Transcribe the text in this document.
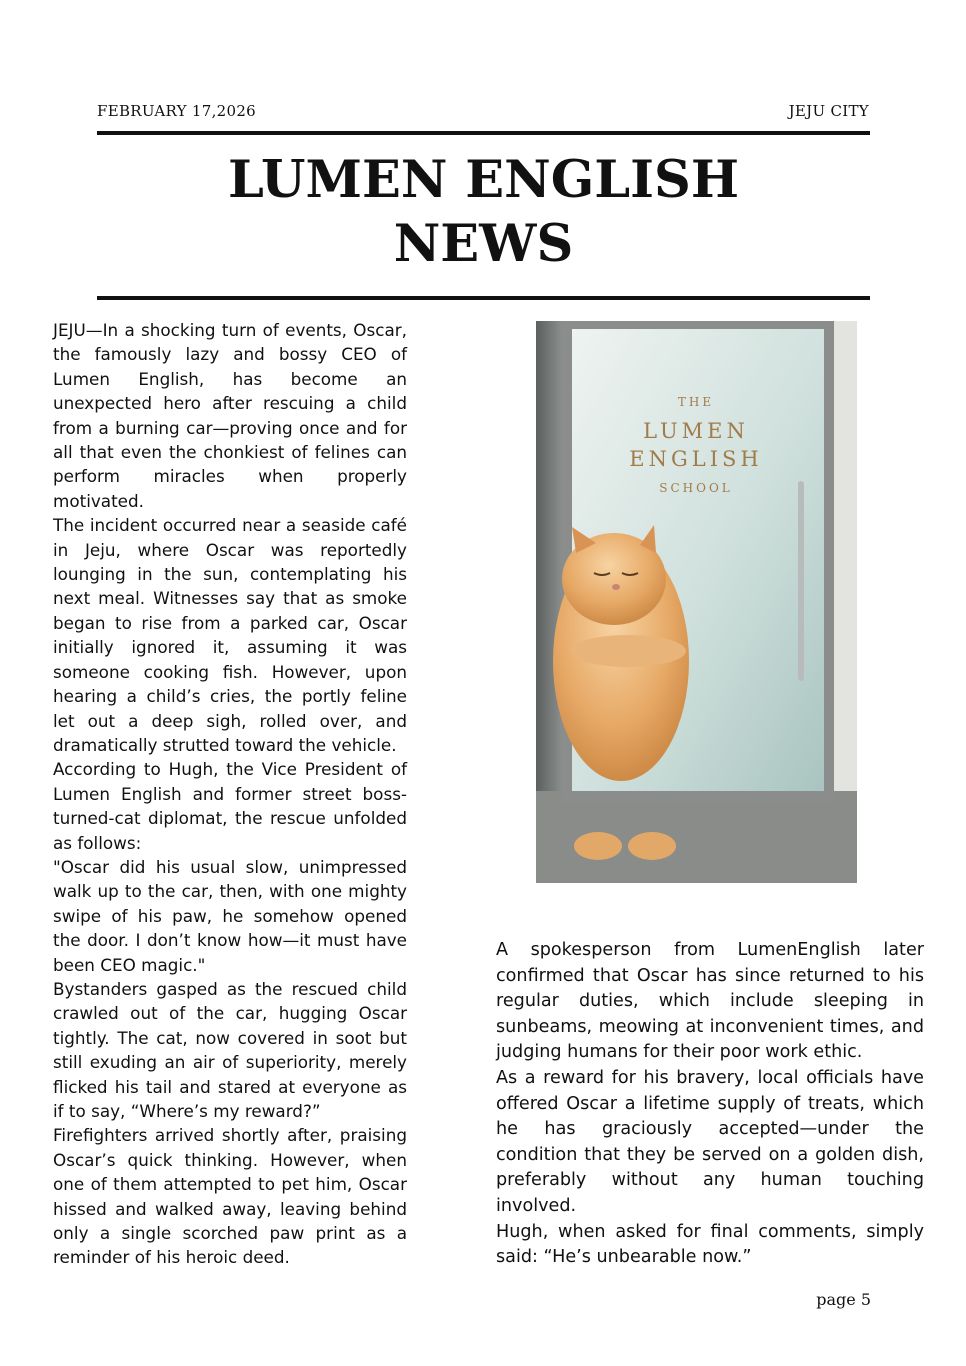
FEBRUARY 17,2026	JEJU CITY
LUMEN ENGLISH
NEWS

JEJU—In a shocking turn of events, Oscar, the famously lazy and bossy CEO of Lumen English, has become an unexpected hero after rescuing a child from a burning car—proving once and for all that even the chonkiest of felines can perform miracles when properly motivated.

The incident occurred near a seaside café in Jeju, where Oscar was reportedly lounging in the sun, contemplating his next meal. Witnesses say that as smoke began to rise from a parked car, Oscar initially ignored it, assuming it was someone cooking fish. However, upon hearing a child’s cries, the portly feline let out a deep sigh, rolled over, and dramatically strutted toward the vehicle.

According to Hugh, the Vice President of Lumen English and former street boss-turned-cat diplomat, the rescue unfolded as follows:

"Oscar did his usual slow, unimpressed walk up to the car, then, with one mighty swipe of his paw, he somehow opened the door. I don’t know how—it must have been CEO magic."

Bystanders gasped as the rescued child crawled out of the car, hugging Oscar tightly. The cat, now covered in soot but still exuding an air of superiority, merely flicked his tail and stared at everyone as if to say, “Where’s my reward?”

Firefighters arrived shortly after, praising Oscar’s quick thinking. However, when one of them attempted to pet him, Oscar hissed and walked away, leaving behind only a single scorched paw print as a reminder of his heroic deed.

THE
LUMEN
ENGLISH
SCHOOL

A spokesperson from LumenEnglish later confirmed that Oscar has since returned to his regular duties, which include sleeping in sunbeams, meowing at inconvenient times, and judging humans for their poor work ethic.

As a reward for his bravery, local officials have offered Oscar a lifetime supply of treats, which he has graciously accepted—under the condition that they be served on a golden dish, preferably without any human touching involved.

Hugh, when asked for final comments, simply said: “He’s unbearable now.”

page 5
